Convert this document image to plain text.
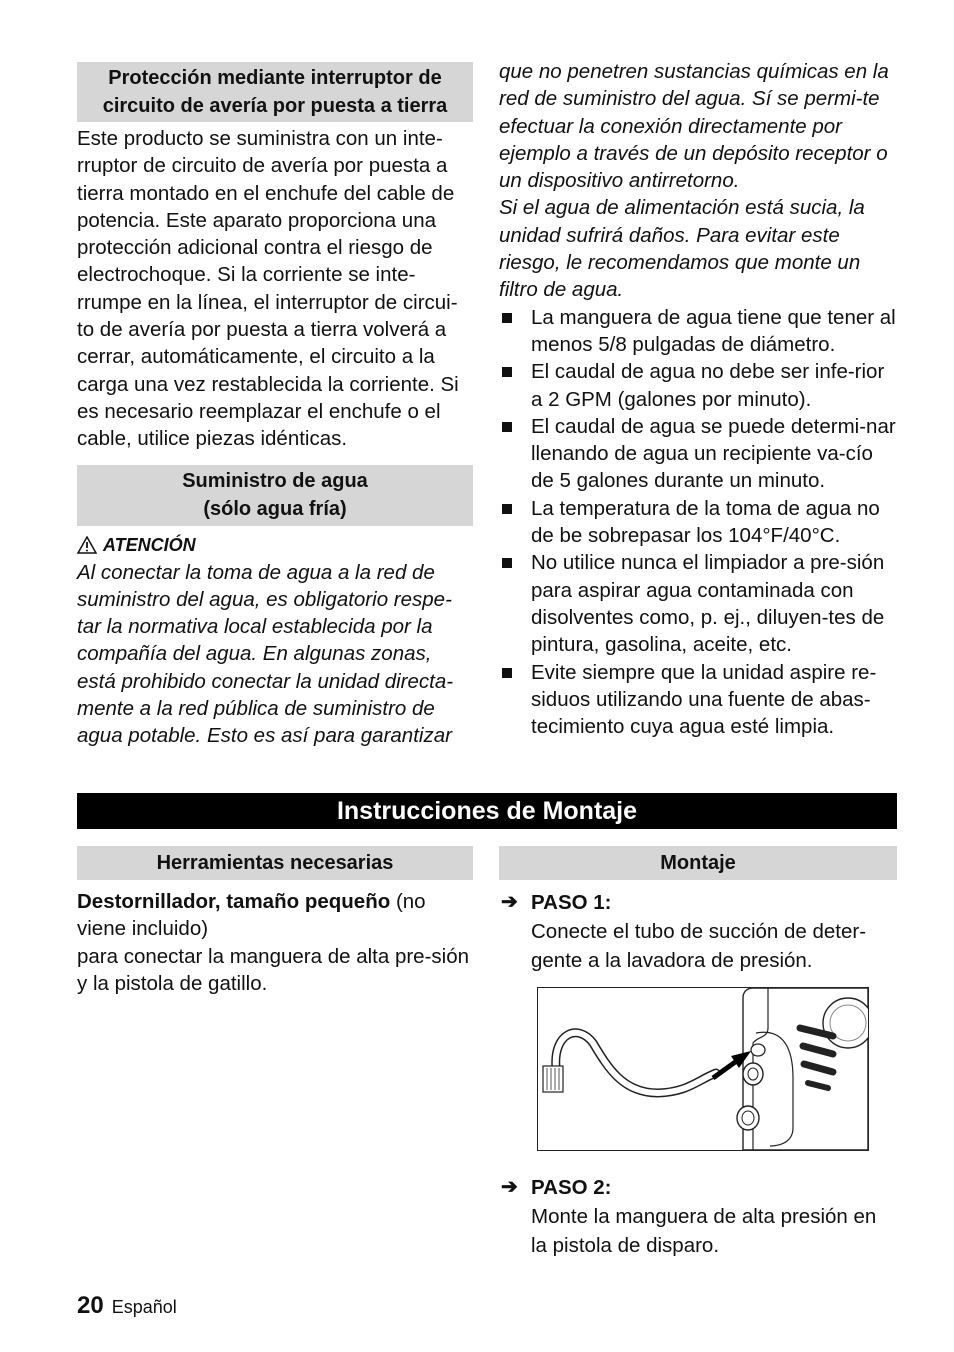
Protección mediante interruptor de circuito de avería por puesta a tierra

Este producto se suministra con un inte-rruptor de circuito de avería por puesta a tierra montado en el enchufe del cable de potencia. Este aparato proporciona una protección adicional contra el riesgo de electrochoque. Si la corriente se inte-rrumpe en la línea, el interruptor de circui-to de avería por puesta a tierra volverá a cerrar, automáticamente, el circuito a la carga una vez restablecida la corriente. Si es necesario reemplazar el enchufe o el cable, utilice piezas idénticas.

Suministro de agua
(sólo agua fría)
ATENCIÓN

Al conectar la toma de agua a la red de suministro del agua, es obligatorio respe-tar la normativa local establecida por la compañía del agua. En algunas zonas, está prohibido conectar la unidad directa-mente a la red pública de suministro de agua potable. Esto es así para garantizar

que no penetren sustancias químicas en la red de suministro del agua. Sí se permi-te efectuar la conexión directamente por ejemplo a través de un depósito receptor o un dispositivo antirretorno.

Si el agua de alimentación está sucia, la unidad sufrirá daños. Para evitar este riesgo, le recomendamos que monte un filtro de agua.

La manguera de agua tiene que tener al menos 5/8 pulgadas de diámetro.
El caudal de agua no debe ser infe-rior a 2 GPM (galones por minuto).
El caudal de agua se puede determi-nar llenando de agua un recipiente va-cío de 5 galones durante un minuto.
La temperatura de la toma de agua no de be sobrepasar los 104°F/40°C.
No utilice nunca el limpiador a pre-sión para aspirar agua contaminada con disolventes como, p. ej., diluyen-tes de pintura, gasolina, aceite, etc.
Evite siempre que la unidad aspire re-siduos utilizando una fuente de abas-tecimiento cuya agua esté limpia.
Instrucciones de Montaje
Herramientas necesarias

Destornillador, tamaño pequeño (no viene incluido)
para conectar la manguera de alta pre-sión y la pistola de gatillo.

Montaje
➔ PASO 1:
Conecte el tubo de succión de deter-gente a la lavadora de presión.
➔ PASO 2:
Monte la manguera de alta presión en la pistola de disparo.
20 Español
